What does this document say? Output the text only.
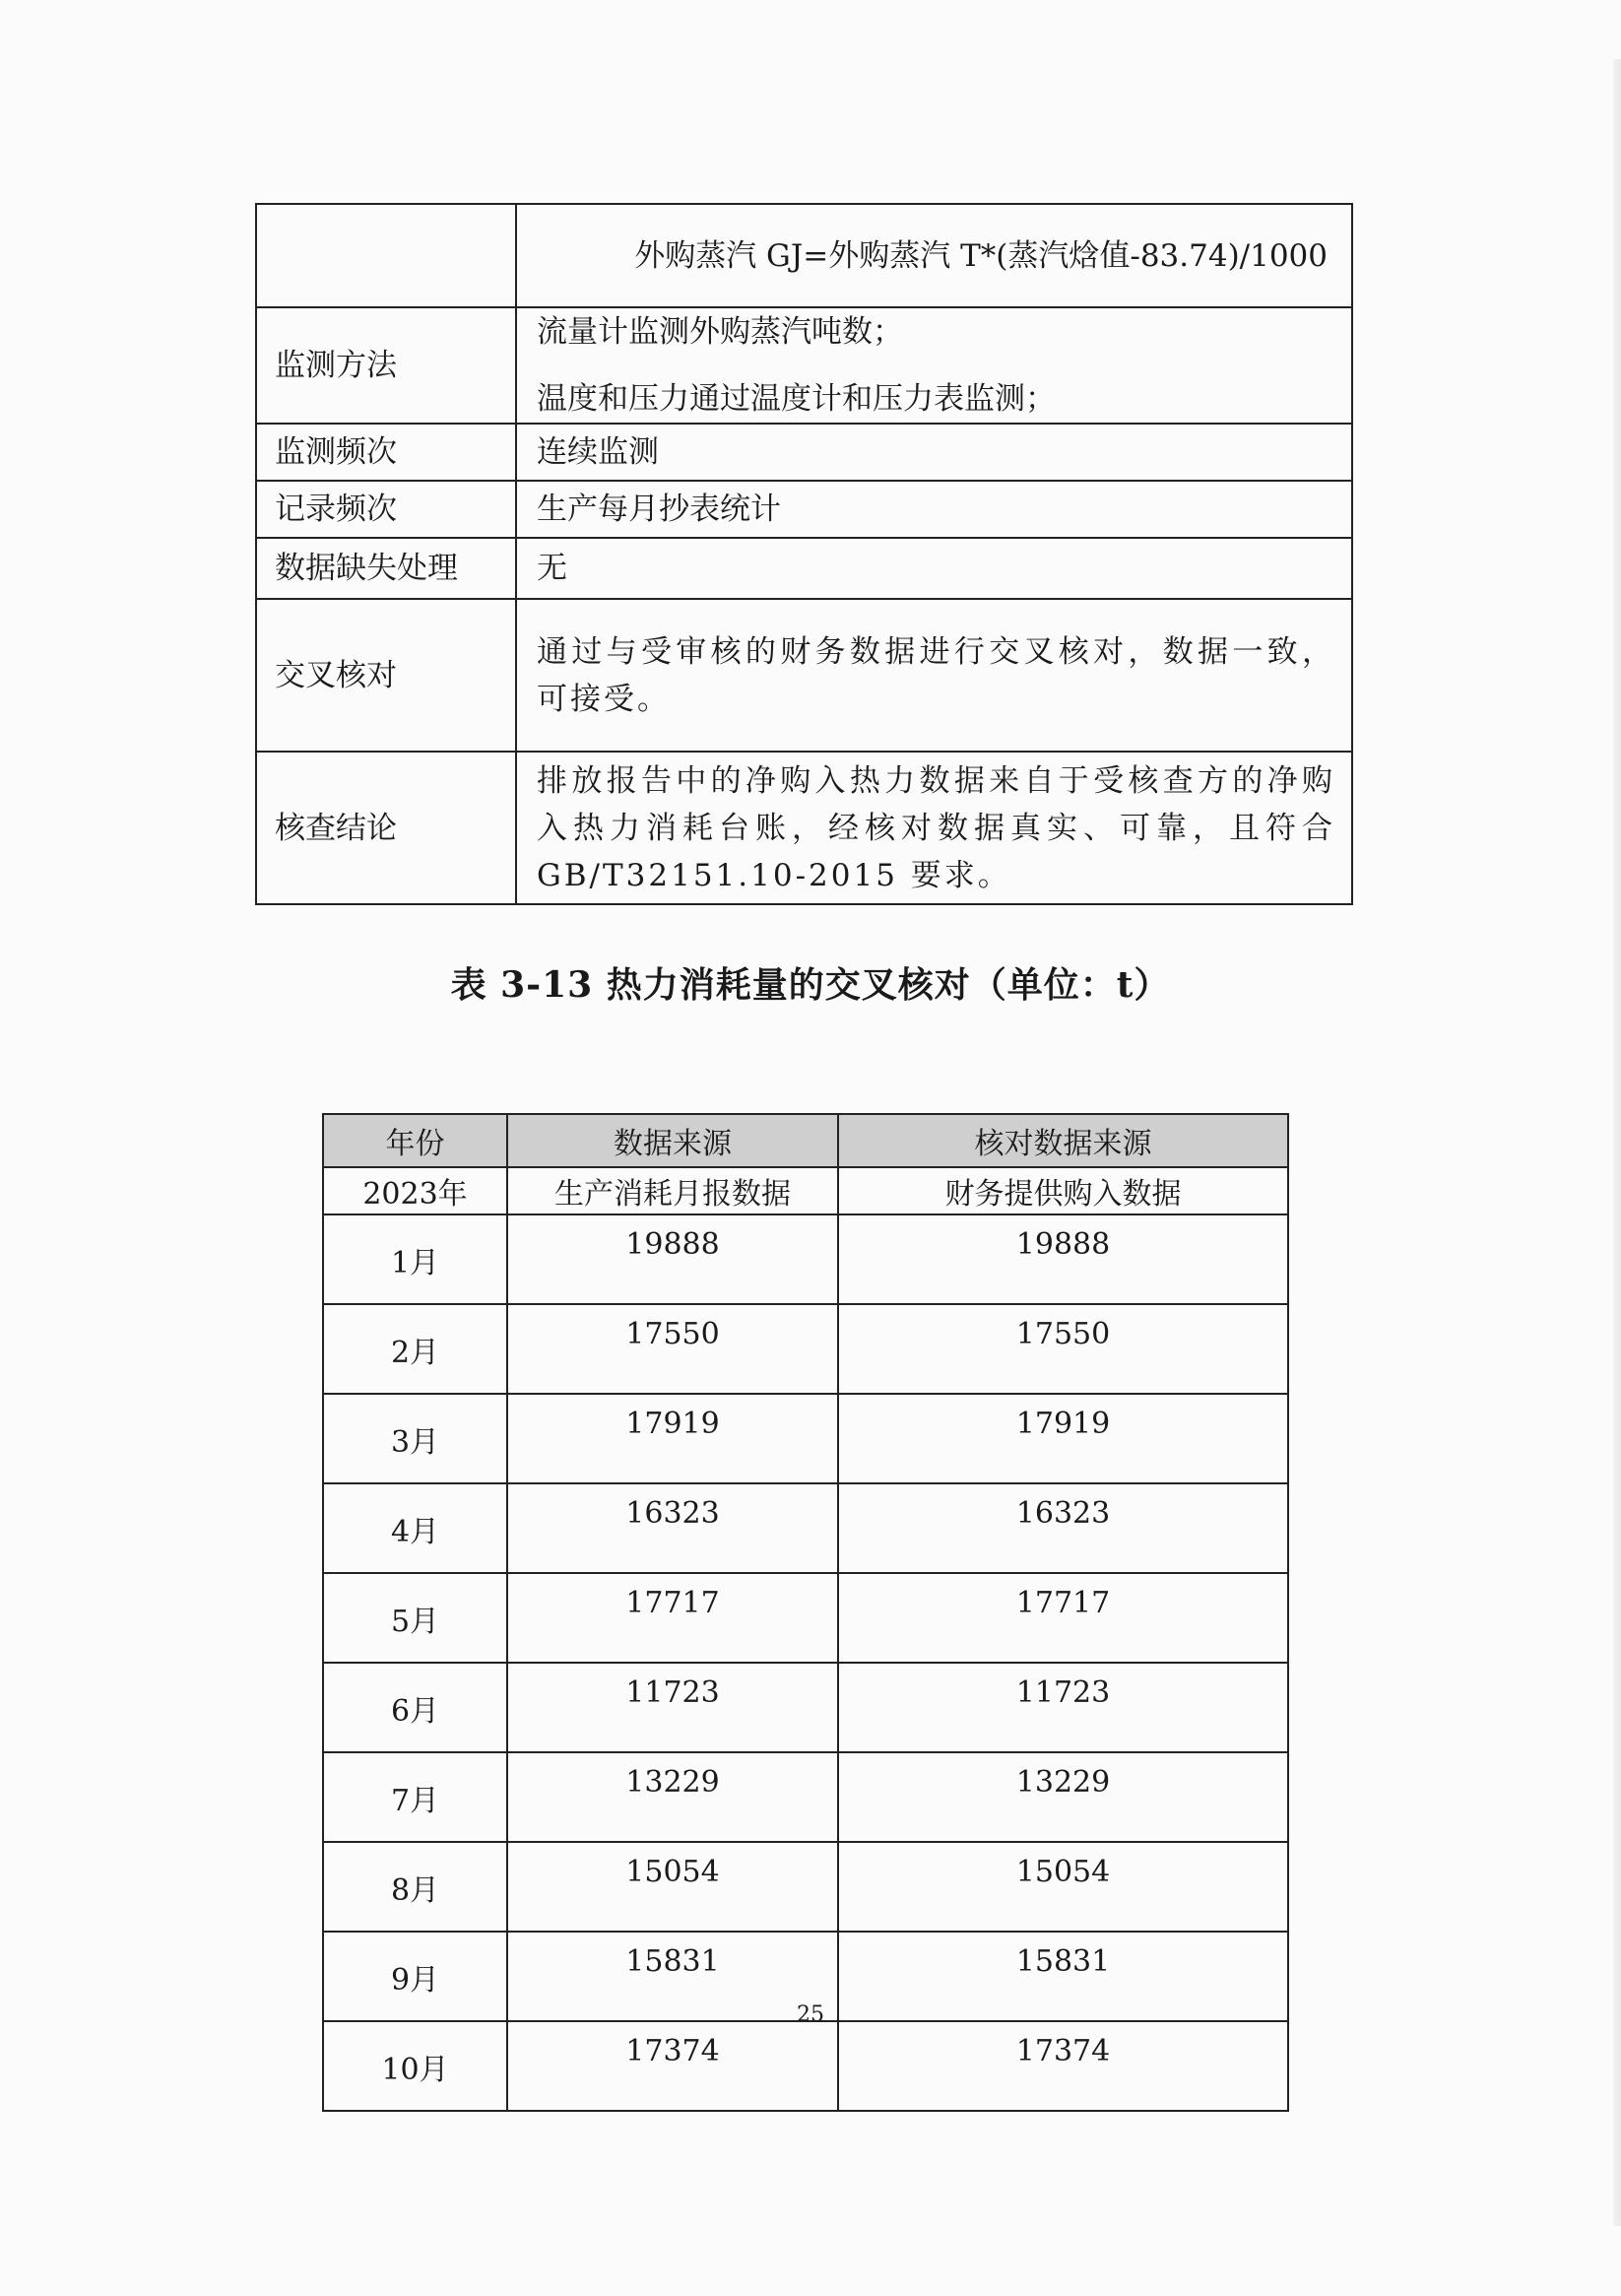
	外购蒸汽 GJ=外购蒸汽 T*(蒸汽焓值-83.74)/1000
监测方法	流量计监测外购蒸汽吨数；
温度和压力通过温度计和压力表监测；

监测频次	连续监测
记录频次	生产每月抄表统计
数据缺失处理	无
交叉核对	通过与受审核的财务数据进行交叉核对，数据一致，可接受。
核查结论	排放报告中的净购入热力数据来自于受核查方的净购入热力消耗台账，经核对数据真实、可靠，且符合GB/T32151.10-2015 要求。
表 3-13 热力消耗量的交叉核对（单位：t）
年份	数据来源	核对数据来源
2023年	生产消耗月报数据	财务提供购入数据
1月	19888	19888
2月	17550	17550
3月	17919	17919
4月	16323	16323
5月	17717	17717
6月	11723	11723
7月	13229	13229
8月	15054	15054
9月	15831	15831
10月	17374	17374
25
